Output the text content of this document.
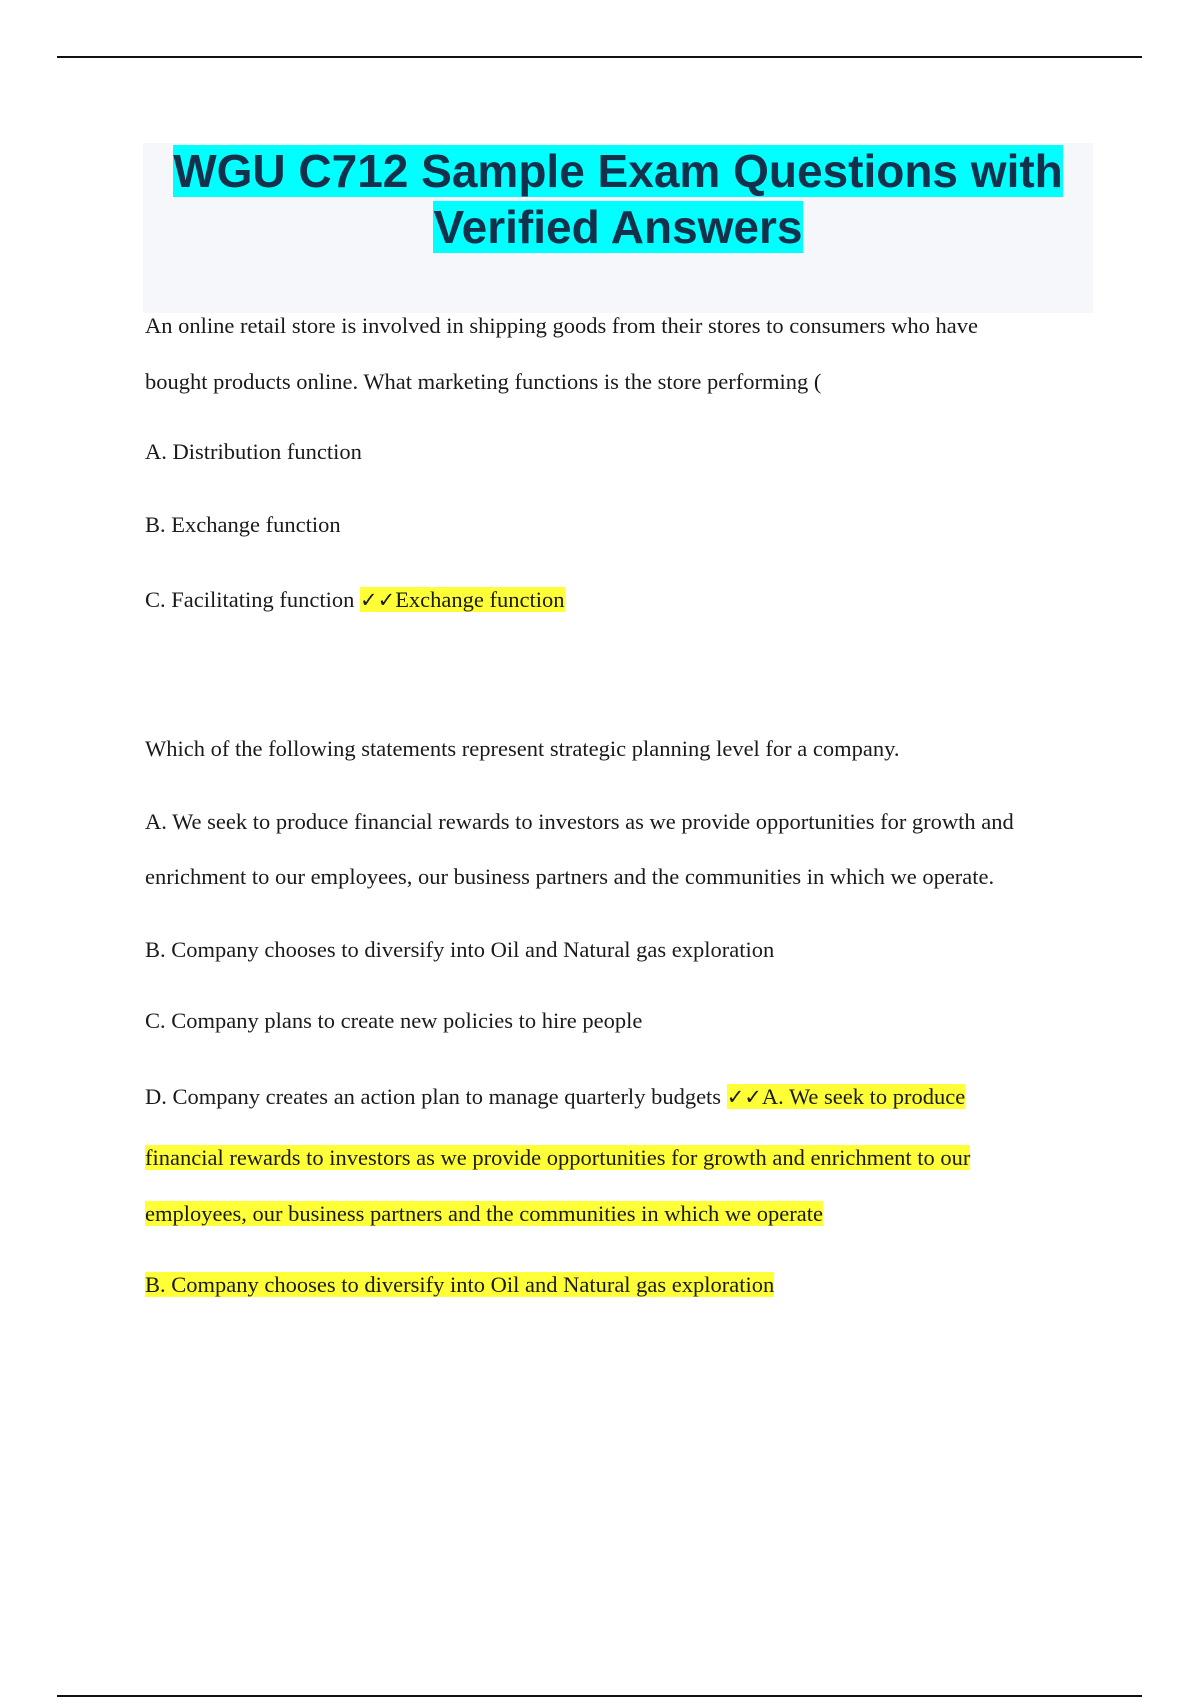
WGU C712 Sample Exam Questions with
Verified Answers

An online retail store is involved in shipping goods from their stores to consumers who have

bought products online. What marketing functions is the store performing (

A. Distribution function

B. Exchange function

C. Facilitating function ✓✓Exchange function

Which of the following statements represent strategic planning level for a company.

A. We seek to produce financial rewards to investors as we provide opportunities for growth and

enrichment to our employees, our business partners and the communities in which we operate.

B. Company chooses to diversify into Oil and Natural gas exploration

C. Company plans to create new policies to hire people

D. Company creates an action plan to manage quarterly budgets ✓✓A. We seek to produce

financial rewards to investors as we provide opportunities for growth and enrichment to our

employees, our business partners and the communities in which we operate

B. Company chooses to diversify into Oil and Natural gas exploration
